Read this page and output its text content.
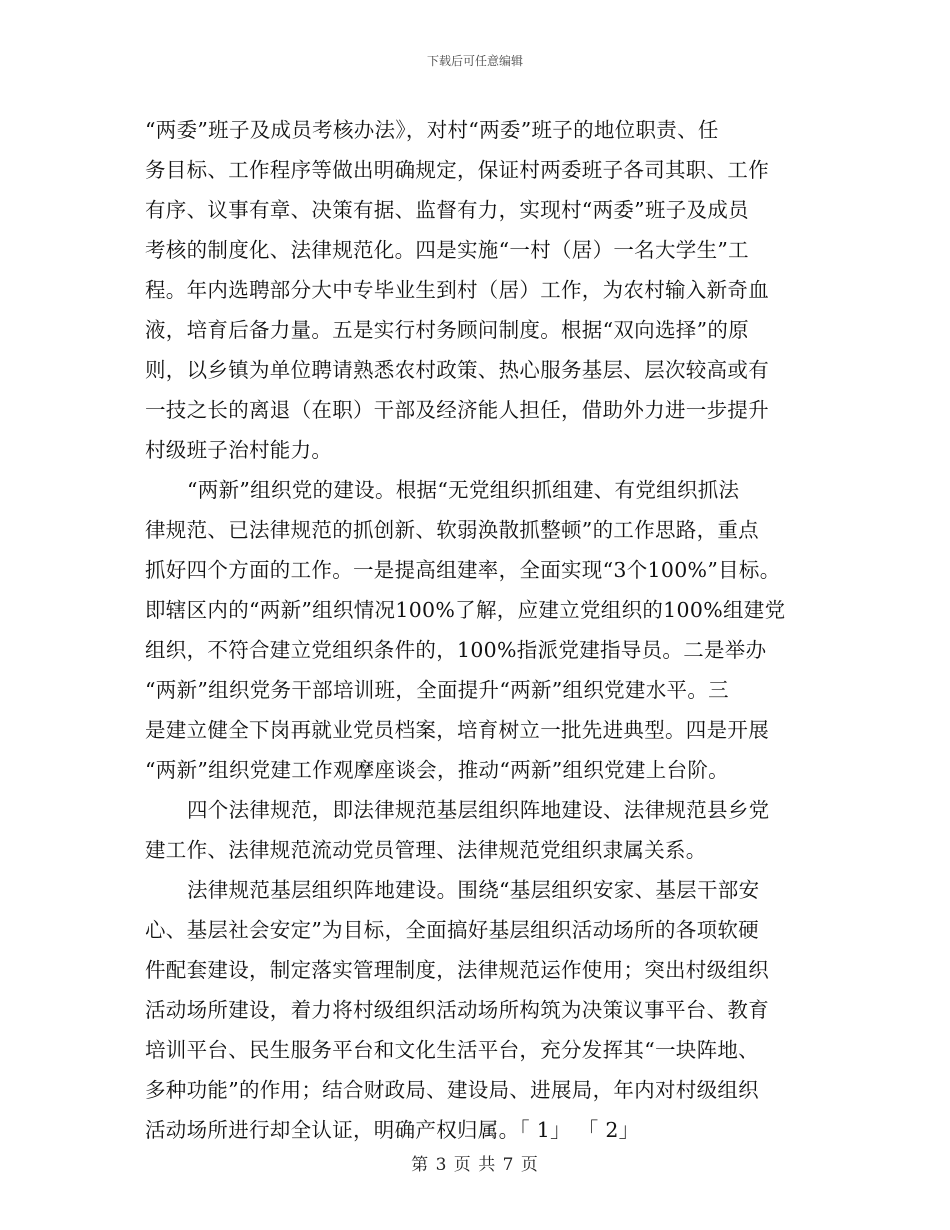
下载后可任意编辑
“两委”班子及成员考核办法》，对村“两委”班子的地位职责、任
务目标、工作程序等做出明确规定，保证村两委班子各司其职、工作
有序、议事有章、决策有据、监督有力，实现村“两委”班子及成员
考核的制度化、法律规范化。四是实施“一村（居）一名大学生”工
程。年内选聘部分大中专毕业生到村（居）工作，为农村输入新奇血
液，培育后备力量。五是实行村务顾问制度。根据“双向选择”的原
则，以乡镇为单位聘请熟悉农村政策、热心服务基层、层次较高或有
一技之长的离退（在职）干部及经济能人担任，借助外力进一步提升
村级班子治村能力。
“两新”组织党的建设。根据“无党组织抓组建、有党组织抓法
律规范、已法律规范的抓创新、软弱涣散抓整顿”的工作思路，重点
抓好四个方面的工作。一是提高组建率，全面实现“3个100%”目标。
即辖区内的“两新”组织情况100%了解，应建立党组织的100%组建党
组织，不符合建立党组织条件的，100%指派党建指导员。二是举办
“两新”组织党务干部培训班，全面提升“两新”组织党建水平。三
是建立健全下岗再就业党员档案，培育树立一批先进典型。四是开展
“两新”组织党建工作观摩座谈会，推动“两新”组织党建上台阶。
四个法律规范，即法律规范基层组织阵地建设、法律规范县乡党
建工作、法律规范流动党员管理、法律规范党组织隶属关系。
法律规范基层组织阵地建设。围绕“基层组织安家、基层干部安
心、基层社会安定”为目标，全面搞好基层组织活动场所的各项软硬
件配套建设，制定落实管理制度，法律规范运作使用；突出村级组织
活动场所建设，着力将村级组织活动场所构筑为决策议事平台、教育
培训平台、民生服务平台和文化生活平台，充分发挥其“一块阵地、
多种功能”的作用；结合财政局、建设局、进展局，年内对村级组织
活动场所进行却全认证，明确产权归属。「 1」 「 2」
第 3 页 共 7 页
